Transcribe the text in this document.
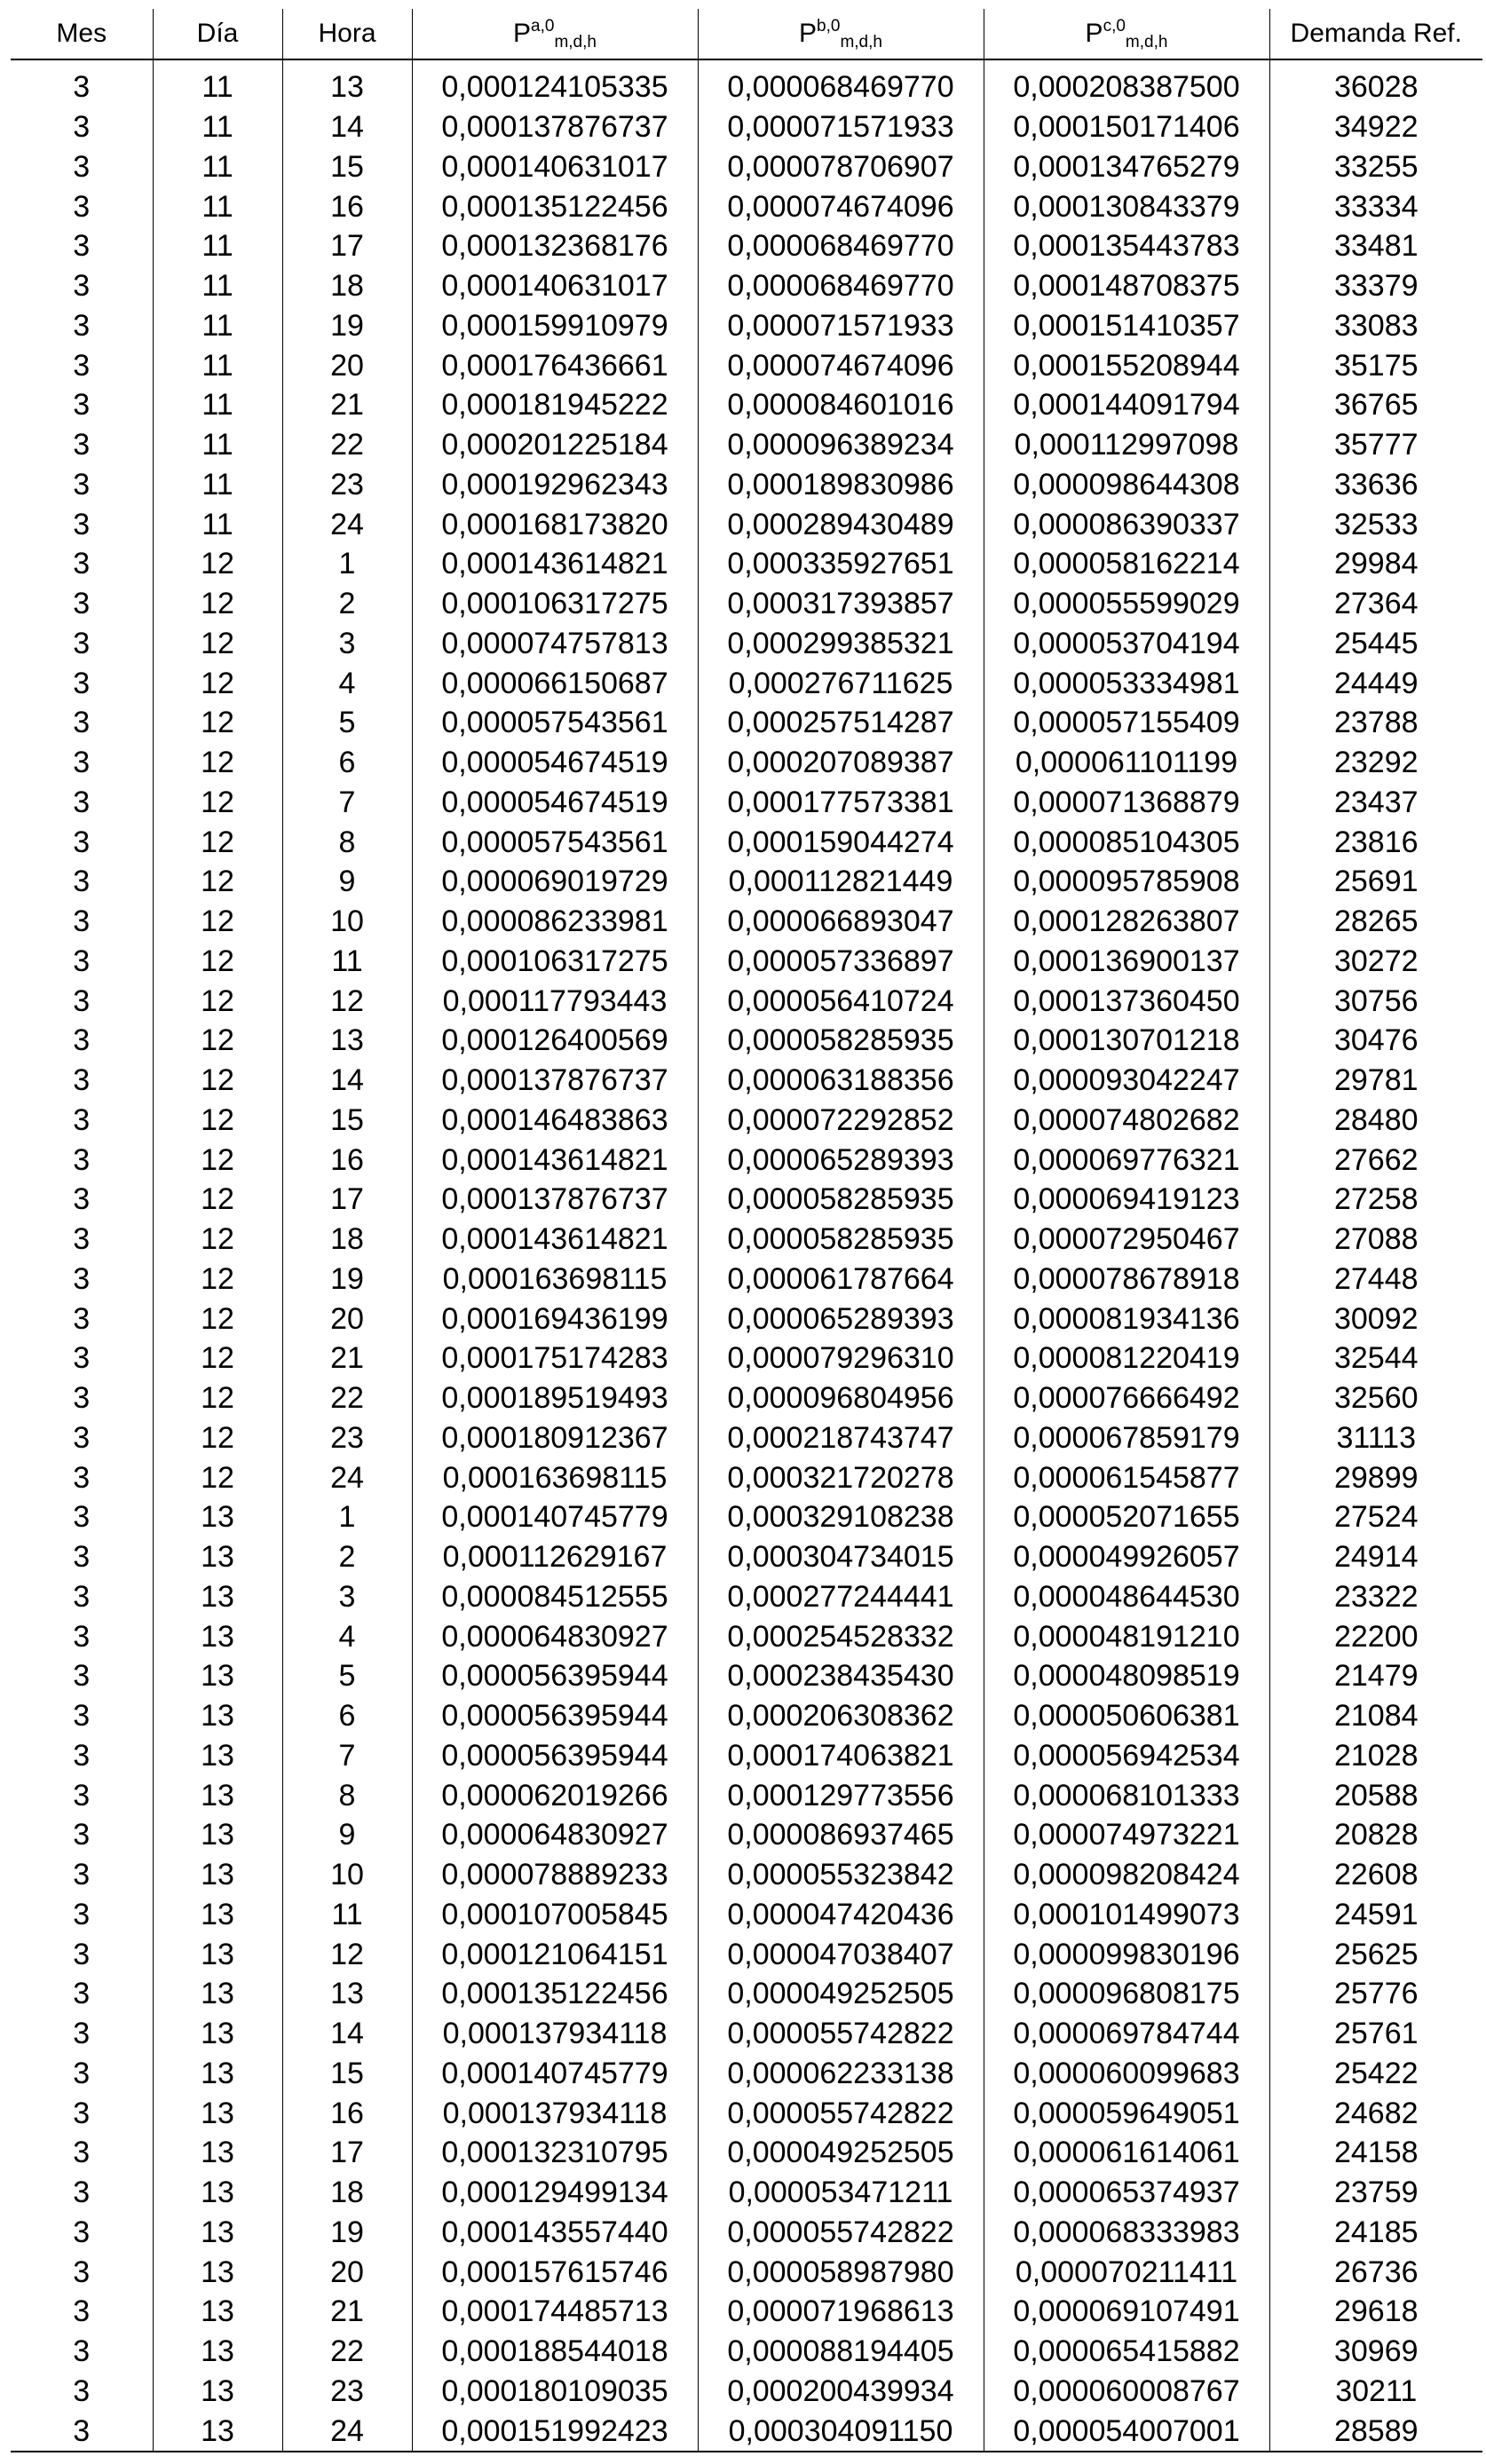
Mes	Día	Hora	P$^{a,0}_{m,d,h}$	P$^{b,0}_{m,d,h}$	P$^{c,0}_{m,d,h}$	Demanda Ref.
3	11	13	0,000124105335	0,000068469770	0,000208387500	36028
3	11	14	0,000137876737	0,000071571933	0,000150171406	34922
3	11	15	0,000140631017	0,000078706907	0,000134765279	33255
3	11	16	0,000135122456	0,000074674096	0,000130843379	33334
3	11	17	0,000132368176	0,000068469770	0,000135443783	33481
3	11	18	0,000140631017	0,000068469770	0,000148708375	33379
3	11	19	0,000159910979	0,000071571933	0,000151410357	33083
3	11	20	0,000176436661	0,000074674096	0,000155208944	35175
3	11	21	0,000181945222	0,000084601016	0,000144091794	36765
3	11	22	0,000201225184	0,000096389234	0,000112997098	35777
3	11	23	0,000192962343	0,000189830986	0,000098644308	33636
3	11	24	0,000168173820	0,000289430489	0,000086390337	32533
3	12	1	0,000143614821	0,000335927651	0,000058162214	29984
3	12	2	0,000106317275	0,000317393857	0,000055599029	27364
3	12	3	0,000074757813	0,000299385321	0,000053704194	25445
3	12	4	0,000066150687	0,000276711625	0,000053334981	24449
3	12	5	0,000057543561	0,000257514287	0,000057155409	23788
3	12	6	0,000054674519	0,000207089387	0,000061101199	23292
3	12	7	0,000054674519	0,000177573381	0,000071368879	23437
3	12	8	0,000057543561	0,000159044274	0,000085104305	23816
3	12	9	0,000069019729	0,000112821449	0,000095785908	25691
3	12	10	0,000086233981	0,000066893047	0,000128263807	28265
3	12	11	0,000106317275	0,000057336897	0,000136900137	30272
3	12	12	0,000117793443	0,000056410724	0,000137360450	30756
3	12	13	0,000126400569	0,000058285935	0,000130701218	30476
3	12	14	0,000137876737	0,000063188356	0,000093042247	29781
3	12	15	0,000146483863	0,000072292852	0,000074802682	28480
3	12	16	0,000143614821	0,000065289393	0,000069776321	27662
3	12	17	0,000137876737	0,000058285935	0,000069419123	27258
3	12	18	0,000143614821	0,000058285935	0,000072950467	27088
3	12	19	0,000163698115	0,000061787664	0,000078678918	27448
3	12	20	0,000169436199	0,000065289393	0,000081934136	30092
3	12	21	0,000175174283	0,000079296310	0,000081220419	32544
3	12	22	0,000189519493	0,000096804956	0,000076666492	32560
3	12	23	0,000180912367	0,000218743747	0,000067859179	31113
3	12	24	0,000163698115	0,000321720278	0,000061545877	29899
3	13	1	0,000140745779	0,000329108238	0,000052071655	27524
3	13	2	0,000112629167	0,000304734015	0,000049926057	24914
3	13	3	0,000084512555	0,000277244441	0,000048644530	23322
3	13	4	0,000064830927	0,000254528332	0,000048191210	22200
3	13	5	0,000056395944	0,000238435430	0,000048098519	21479
3	13	6	0,000056395944	0,000206308362	0,000050606381	21084
3	13	7	0,000056395944	0,000174063821	0,000056942534	21028
3	13	8	0,000062019266	0,000129773556	0,000068101333	20588
3	13	9	0,000064830927	0,000086937465	0,000074973221	20828
3	13	10	0,000078889233	0,000055323842	0,000098208424	22608
3	13	11	0,000107005845	0,000047420436	0,000101499073	24591
3	13	12	0,000121064151	0,000047038407	0,000099830196	25625
3	13	13	0,000135122456	0,000049252505	0,000096808175	25776
3	13	14	0,000137934118	0,000055742822	0,000069784744	25761
3	13	15	0,000140745779	0,000062233138	0,000060099683	25422
3	13	16	0,000137934118	0,000055742822	0,000059649051	24682
3	13	17	0,000132310795	0,000049252505	0,000061614061	24158
3	13	18	0,000129499134	0,000053471211	0,000065374937	23759
3	13	19	0,000143557440	0,000055742822	0,000068333983	24185
3	13	20	0,000157615746	0,000058987980	0,000070211411	26736
3	13	21	0,000174485713	0,000071968613	0,000069107491	29618
3	13	22	0,000188544018	0,000088194405	0,000065415882	30969
3	13	23	0,000180109035	0,000200439934	0,000060008767	30211
3	13	24	0,000151992423	0,000304091150	0,000054007001	28589
